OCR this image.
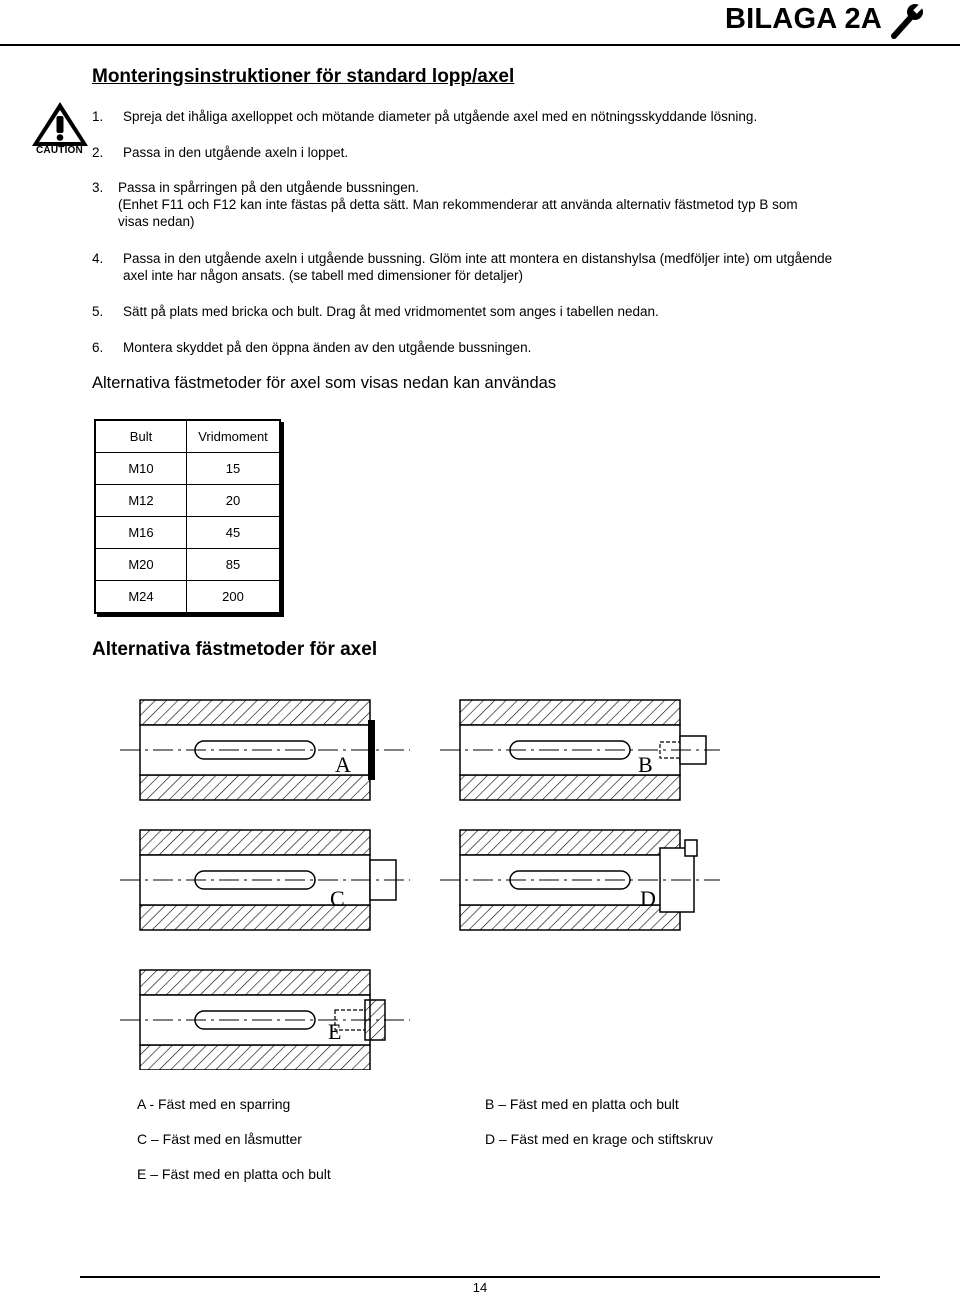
BILAGA 2A
Monteringsinstruktioner för standard lopp/axel
CAUTION
1. Spreja det ihåliga axelloppet och mötande diameter på utgående axel med en nötningsskyddande lösning.
2. Passa in den utgående axeln i loppet.
3. Passa in spårringen på den utgående bussningen.
(Enhet F11 och F12 kan inte fästas på detta sätt. Man rekommenderar att använda alternativ fästmetod typ B som
visas nedan)
4. Passa in den utgående axeln i utgående bussning. Glöm inte att montera en distanshylsa (medföljer inte) om utgående
axel inte har någon ansats. (se tabell med dimensioner för detaljer)
5. Sätt på plats med bricka och bult. Drag åt med vridmomentet som anges i tabellen nedan.
6. Montera skyddet på den öppna änden av den utgående bussningen.
Alternativa fästmetoder för axel som visas nedan kan användas
Bult	Vridmoment
M10	15
M12	20
M16	45
M20	85
M24	200
Alternativa fästmetoder för axel
A	B
C	D
E
A - Fäst med en sparring	B – Fäst med en platta och bult
C – Fäst med en låsmutter	D – Fäst med en krage och stiftskruv
E – Fäst med en platta och bult
14
